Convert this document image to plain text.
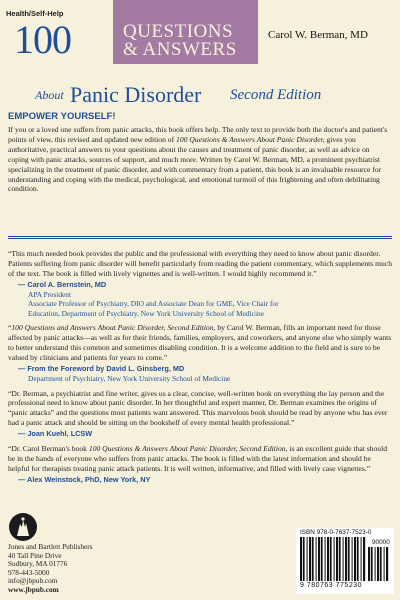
Health/Self-Help
100	QUESTIONS
& ANSWERS
Carol W. Berman, MD
About Panic Disorder Second Edition
EMPOWER YOURSELF!

If you or a loved one suffers from panic attacks, this book offers help. The only text to provide both the doctor's and patient's points of view, this revised and updated new edition of 100 Questions & Answers About Panic Disorder, gives you authoritative, practical answers to your questions about the causes and treatment of panic disorder, as well as advice on coping with panic attacks, sources of support, and much more. Written by Carol W. Berman, MD, a prominent psychiatrist specializing in the treatment of panic disorder, and with commentary from a patient, this book is an invaluable resource for understanding and coping with the medical, psychological, and emotional turmoil of this frightening and often debilitating condition.

“This much needed book provides the public and the professional with everything they need to know about panic disorder. Patients suffering from panic disorder will benefit particularly from reading the patient commentary, which supplements much of the text. The book is filled with lively vignettes and is well-written. I would highly recommend it.”

— Carol A. Bernstein, MD
APA President
Associate Professor of Psychiatry, DIO and Associate Dean for GME, Vice Chair for
Education, Department of Psychiatry, New York University School of Medicine

“100 Questions and Answers About Panic Disorder, Second Edition, by Carol W. Berman, fills an important need for those affected by panic attacks—as well as for their friends, families, employers, and coworkers, and anyone else who simply wants to better understand this common and sometimes disabling condition. It is a welcome addition to the field and is sure to be valued by clinicians and patients for years to come.”

— From the Foreword by David L. Ginsberg, MD
Department of Psychiatry, New York University School of Medicine

“Dr. Berman, a psychiatrist and fine writer, gives us a clear, concise, well-written book on everything the lay person and the professional need to know about panic disorder. In her thoughtful and expert manner, Dr. Berman examines the origins of “panic attacks” and the questions most patients want answered. This marvelous book should be read by anyone who has ever had a panic attack and should be sitting on the bookshelf of every mental health professional.”

— Joan Kuehl, LCSW

“Dr. Carol Berman's book 100 Questions & Answers About Panic Disorder, Second Edition, is an excellent guide that should be in the hands of everyone who suffers from panic attacks. The book is filled with the latest information and should be helpful for therapists treating panic attack patients. It is well written, informative, and filled with lively case vignettes.”

— Alex Weinstock, PhD, New York, NY
Jones and Bartlett Publishers
40 Tall Pine Drive
Sudbury, MA 01776
978-443-5000
info@jbpub.com
www.jbpub.com
ISBN 978-0-7637-7523-0
90000
9 780763 775230
